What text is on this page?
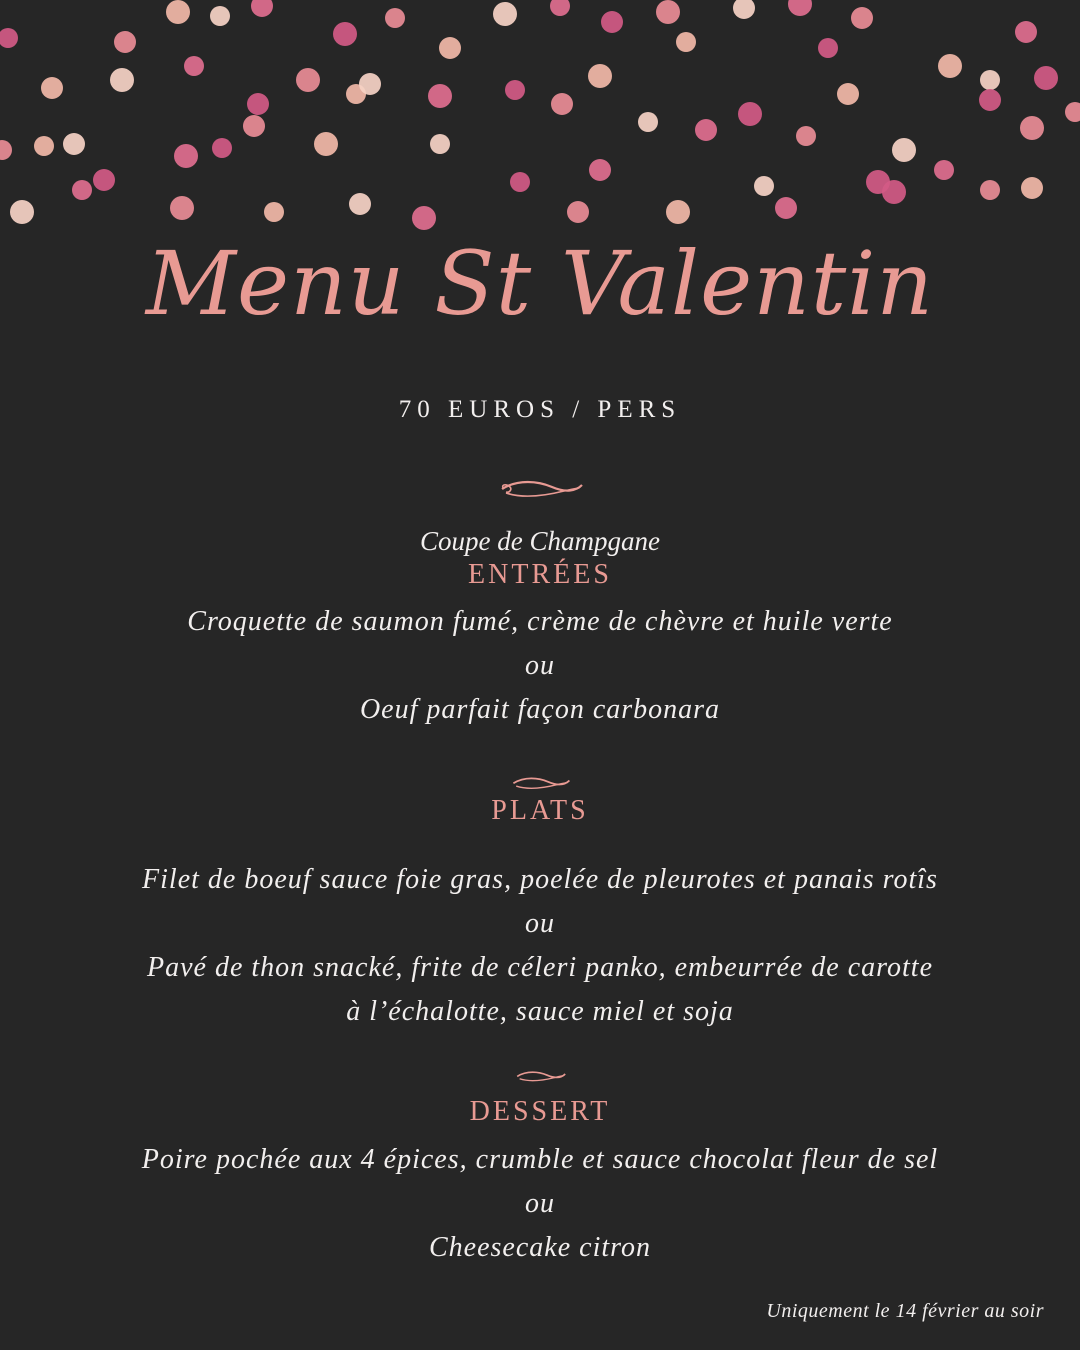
Menu St Valentin
70 EUROS / PERS
Coupe de Champgane
ENTRÉES
Croquette de saumon fumé, crème de chèvre et huile verte
ou
Oeuf parfait façon carbonara
PLATS
Filet de boeuf sauce foie gras, poelée de pleurotes et panais rotîs
ou
Pavé de thon snacké, frite de céleri panko, embeurrée de carotte
à l’échalotte, sauce miel et soja
DESSERT
Poire pochée aux 4 épices, crumble et sauce chocolat fleur de sel
ou
Cheesecake citron
Uniquement le 14 février au soir
